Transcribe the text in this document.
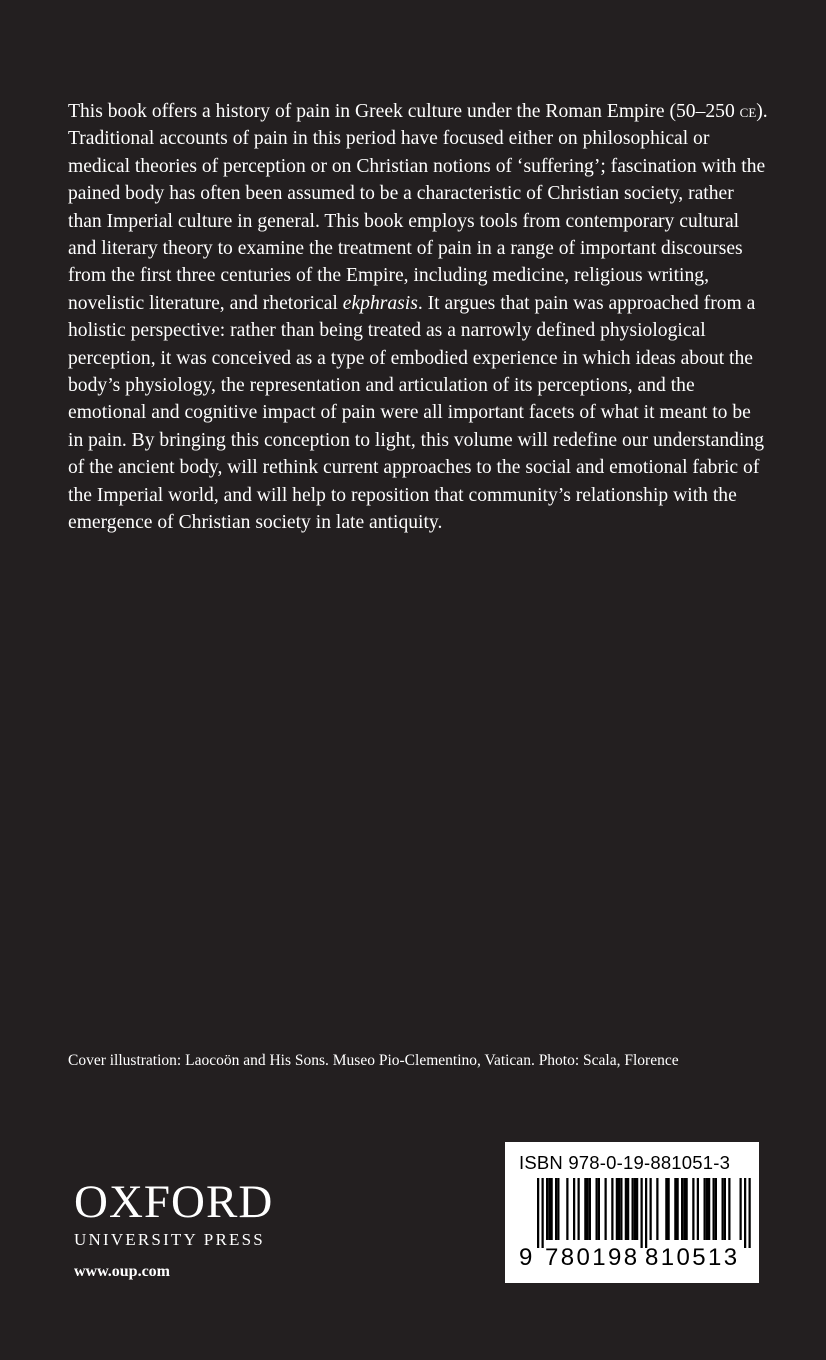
This book offers a history of pain in Greek culture under the Roman Empire (50–250 ce). Traditional accounts of pain in this period have focused either on philosophical or medical theories of perception or on Christian notions of ‘suffering’; fascination with the pained body has often been assumed to be a characteristic of Christian society, rather than Imperial culture in general. This book employs tools from contemporary cultural and literary theory to examine the treatment of pain in a range of important discourses from the first three centuries of the Empire, including medicine, religious writing, novelistic literature, and rhetorical ekphrasis. It argues that pain was approached from a holistic perspective: rather than being treated as a narrowly defined physiological perception, it was conceived as a type of embodied experience in which ideas about the body’s physiology, the representation and articulation of its perceptions, and the emotional and cognitive impact of pain were all important facets of what it meant to be in pain. By bringing this conception to light, this volume will redefine our understanding of the ancient body, will rethink current approaches to the social and emotional fabric of the Imperial world, and will help to reposition that community’s relationship with the emergence of Christian society in late antiquity.

Cover illustration: Laocoön and His Sons. Museo Pio-Clementino, Vatican. Photo: Scala, Florence
OXFORD
UNIVERSITY PRESS
www.oup.com
ISBN 978-0-19-881051-3
9 780198 810513
